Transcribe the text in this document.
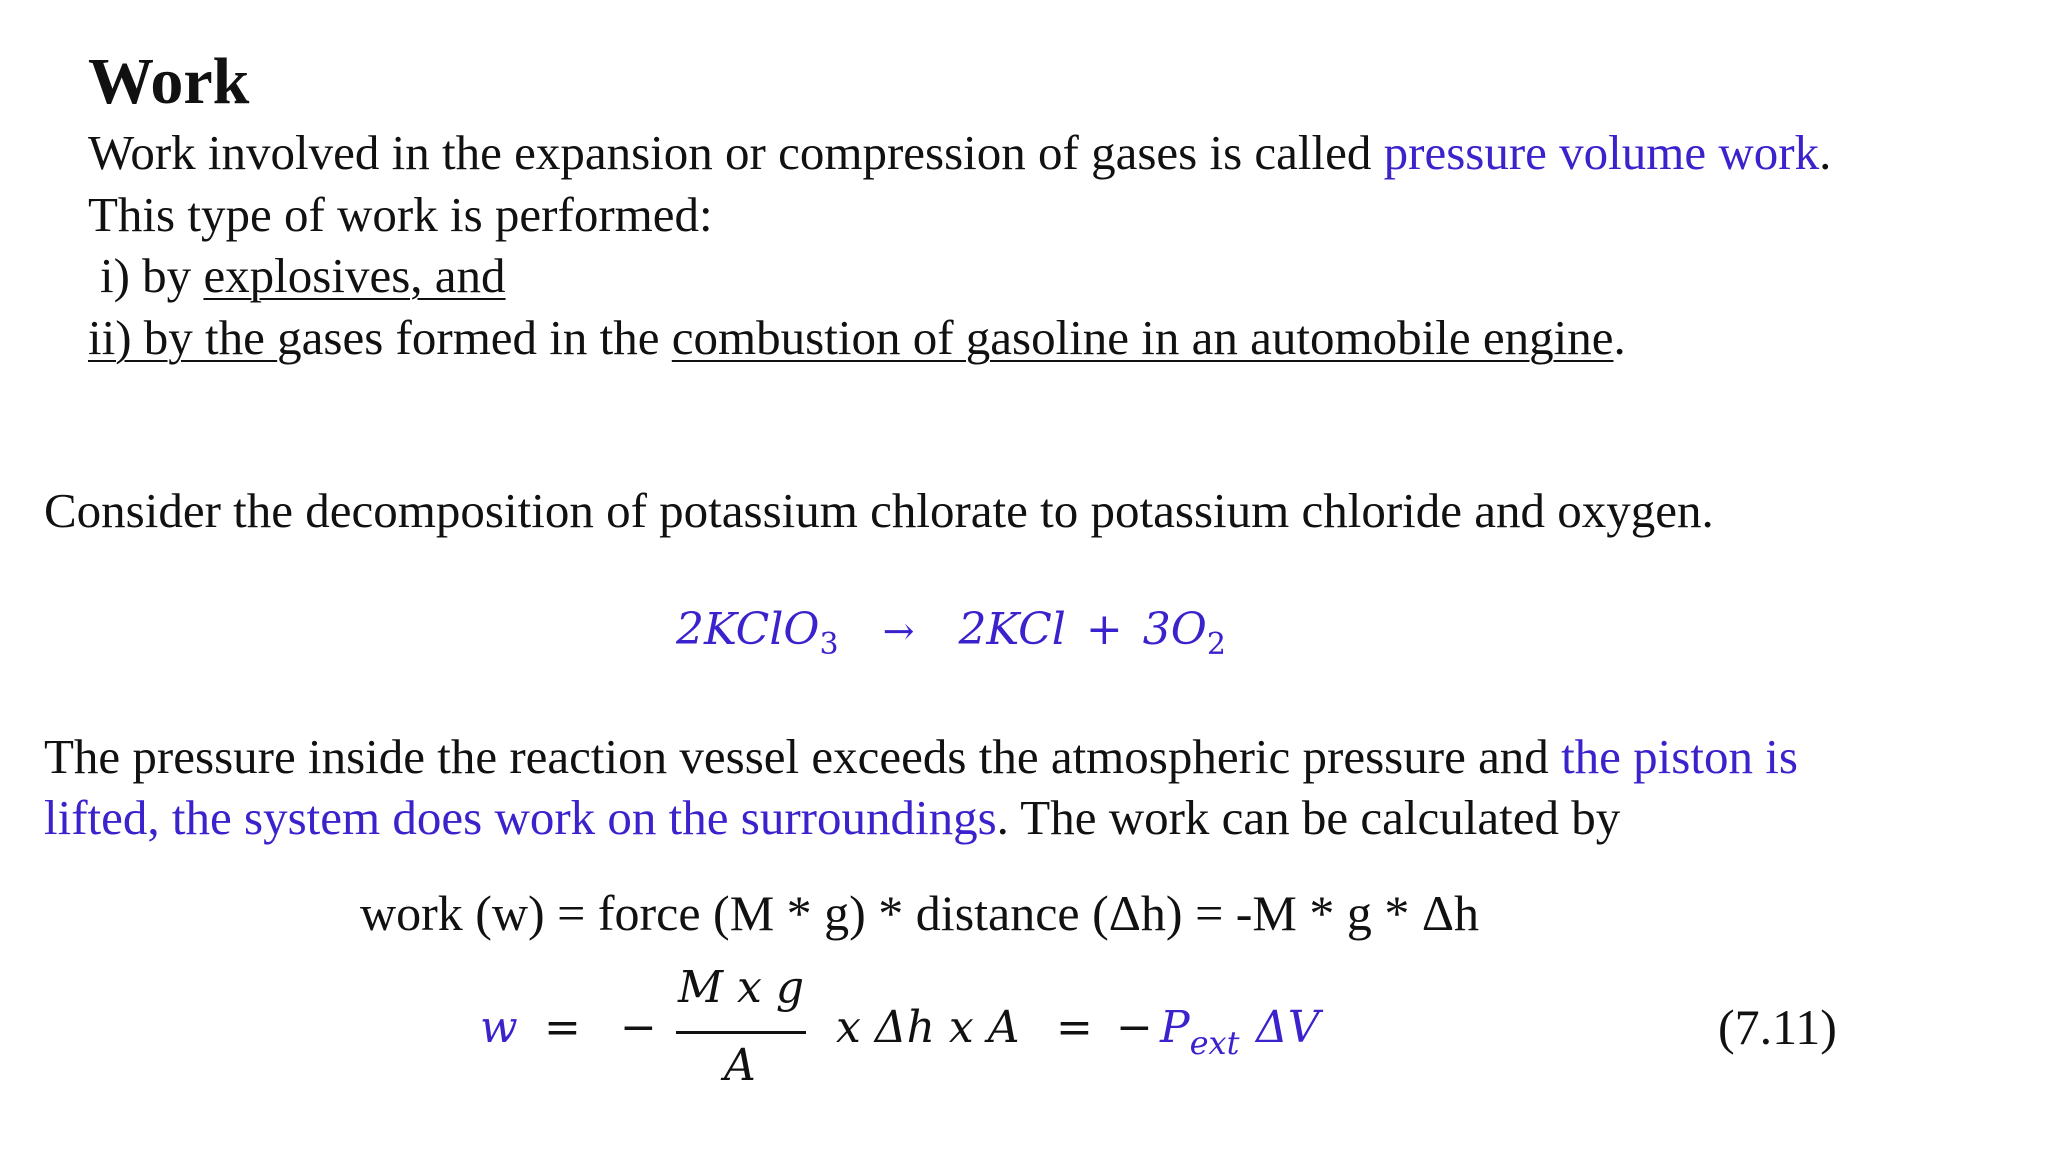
Work
Work involved in the expansion or compression of gases is called pressure volume work.
This type of work is performed:
i) by explosives, and
ii) by the gases formed in the combustion of gasoline in an automobile engine.
Consider the decomposition of potassium chlorate to potassium chloride and oxygen.
2KClO$_3$ → $2KCl + 3O_2$
The pressure inside the reaction vessel exceeds the atmospheric pressure and the piston is
lifted, the system does work on the surroundings. The work can be calculated by
work (w) = force (M * g) * distance (Δh) = -M * g * Δh
w = −
M x g
A
x Δh x A = − $P_{ext}$ ΔV	(7.11)
